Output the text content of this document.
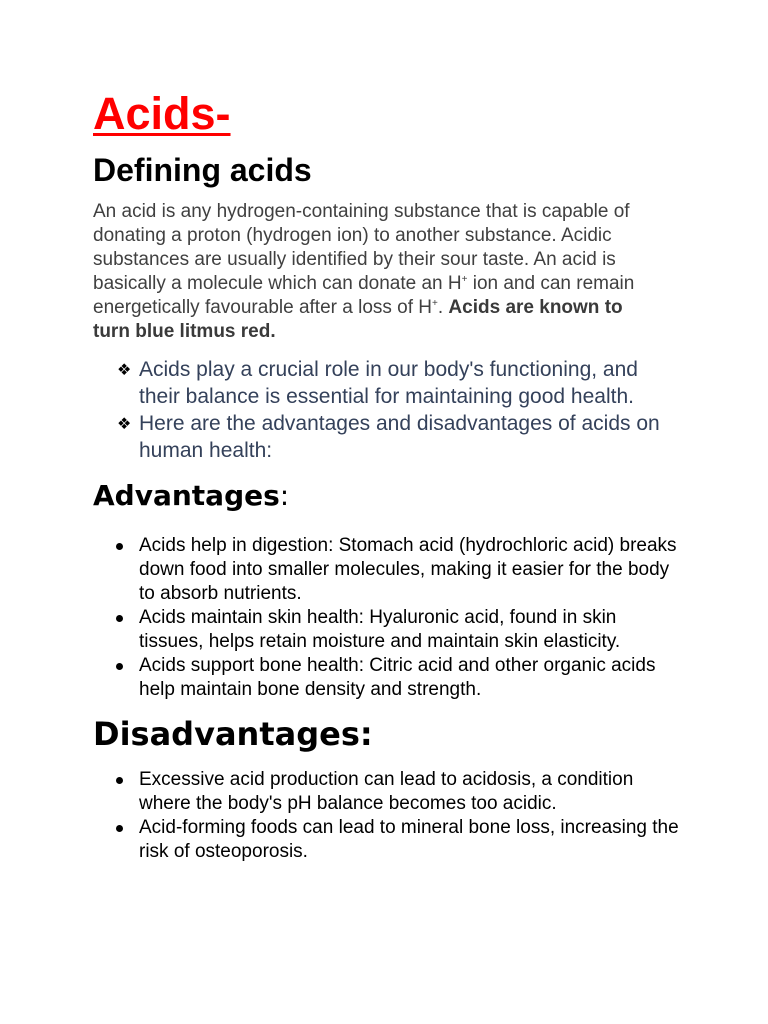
Acids-
Defining acids

An acid is any hydrogen-containing substance that is capable of donating a proton (hydrogen ion) to another substance. Acidic substances are usually identified by their sour taste. An acid is basically a molecule which can donate an H+ ion and can remain energetically favourable after a loss of H+. Acids are known to turn blue litmus red.

❖ Acids play a crucial role in our body's functioning, and their balance is essential for maintaining good health.
❖ Here are the advantages and disadvantages of acids on human health:
Advantages:
Acids help in digestion: Stomach acid (hydrochloric acid) breaks down food into smaller molecules, making it easier for the body to absorb nutrients.
Acids maintain skin health: Hyaluronic acid, found in skin tissues, helps retain moisture and maintain skin elasticity.
Acids support bone health: Citric acid and other organic acids help maintain bone density and strength.
Disadvantages:
Excessive acid production can lead to acidosis, a condition where the body's pH balance becomes too acidic.
Acid-forming foods can lead to mineral bone loss, increasing the risk of osteoporosis.
